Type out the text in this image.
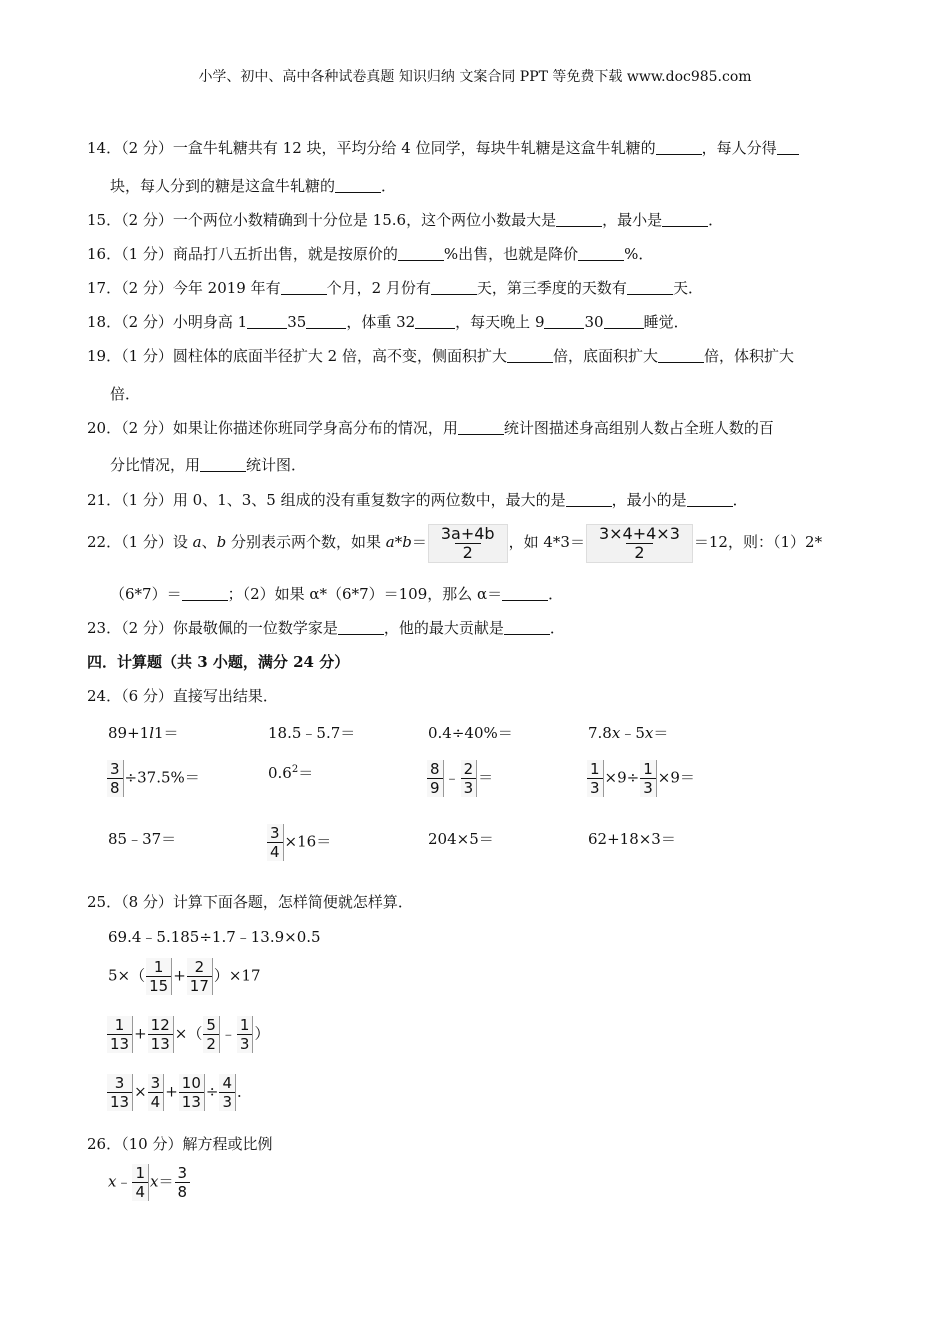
小学、初中、高中各种试卷真题 知识归纳 文案合同 PPT 等免费下载 www.doc985.com
14．（2 分）一盒牛轧糖共有 12 块，平均分给 4 位同学，每块牛轧糖是这盒牛轧糖的	，每人分得
块，每人分到的糖是这盒牛轧糖的	．
15．（2 分）一个两位小数精确到十分位是 15.6，这个两位小数最大是	，最小是	．
16．（1 分）商品打八五折出售，就是按原价的	%出售，也就是降价	%．
17．（2 分）今年 2019 年有	个月，2 月份有	天，第三季度的天数有	天．
18．（2 分）小明身高 1	35	，体重 32	，每天晚上 9	30	睡觉．
19．（1 分）圆柱体的底面半径扩大 2 倍，高不变，侧面积扩大	倍，底面积扩大	倍，体积扩大
倍．
20．（2 分）如果让你描述你班同学身高分布的情况，用	统计图描述身高组别人数占全班人数的百
分比情况，用	统计图．
21．（1 分）用 0、1、3、5 组成的没有重复数字的两位数中，最大的是	，最小的是	．
22．（1 分）设 a、b 分别表示两个数，如果 $a*b= \frac{3a+4b}{2}$ ，如 $4*3= \frac{3\times 4+4\times 3}{2} =12$，则：（1）2*
（6*7）＝	；（2）如果 α*（6*7）＝109，那么 α＝	．
23．（2 分）你最敬佩的一位数学家是	，他的最大贡献是	．
四．计算题（共 3 小题，满分 24 分）
24．（6 分）直接写出结果．
89+1l1＝	18.5﹣5.7＝	0.4÷40%＝	7.8x﹣5x＝
$\frac{3}{8} \div 37.5\%=$	$0.6^2=$	$\frac{8}{9}$ ﹣ $\frac{2}{3}$ ＝	$\frac{1}{3} \times 9\div \frac{1}{3} \times 9=$
85﹣37＝	$\frac{3}{4} \times 16=$	204×5＝	62+18×3＝
25．（8 分）计算下面各题，怎样简便就怎样算．
69.4﹣5.185÷1.7﹣13.9×0.5
$5\times( \frac{1}{15} + \frac{2}{17} )\times 17$
$\frac{1}{13} + \frac{12}{13}$ ×（ $\frac{5}{2}$ ﹣ $\frac{1}{3}$ ）
$\frac{3}{13} \times \frac{3}{4} + \frac{10}{13} \div \frac{4}{3}$ ．
26．（10 分）解方程或比例
x﹣ $\frac{1}{4} x= \frac{3}{8}$
